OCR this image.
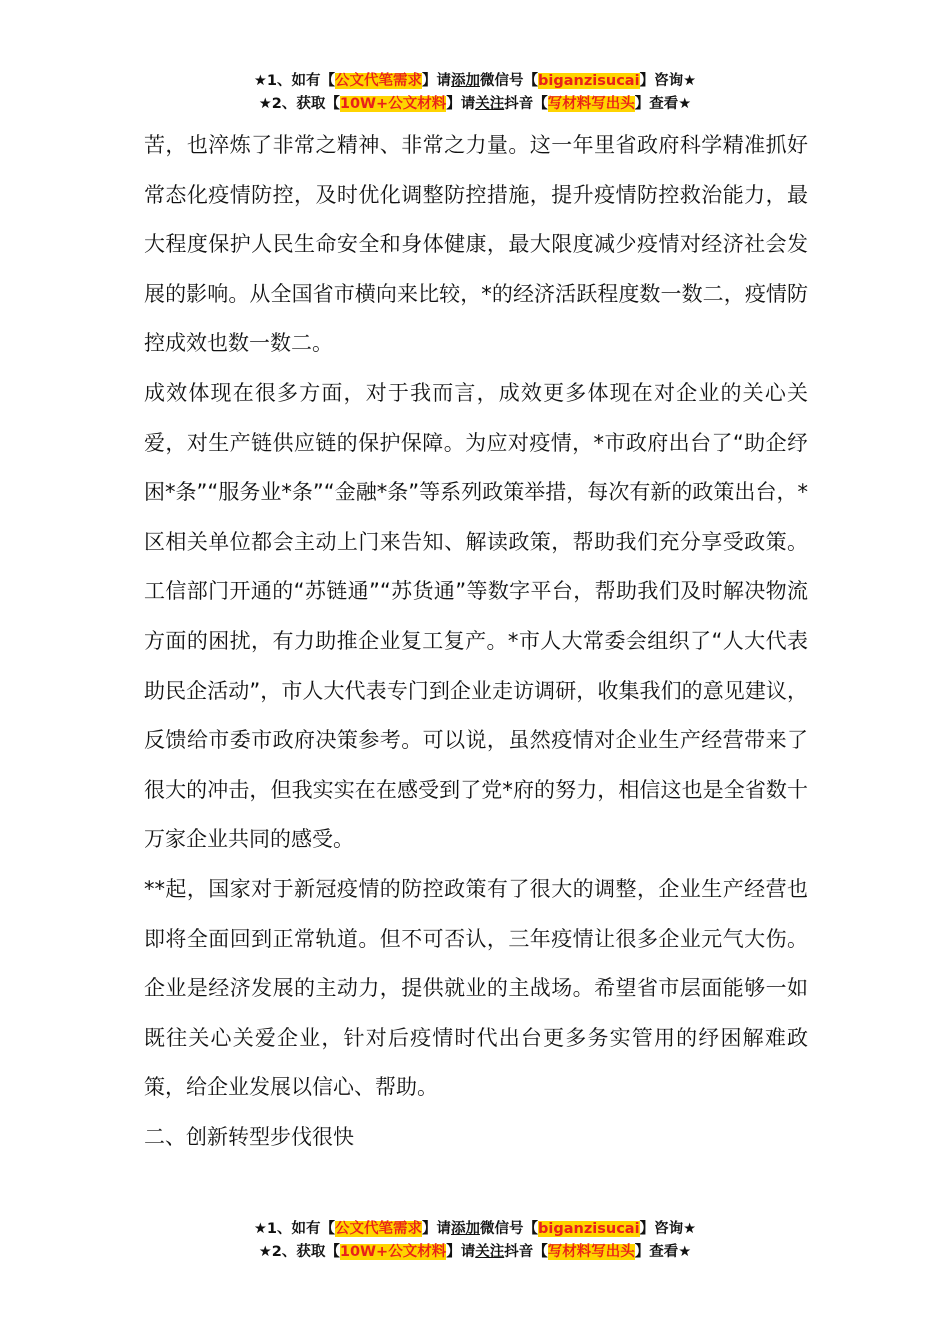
★1、如有【公文代笔需求】请添加微信号【biganzisucai】咨询★
★2、获取【10W+公文材料】请关注抖音【写材料写出头】查看★

苦，也淬炼了非常之精神、非常之力量。这一年里省政府科学精准抓好常态化疫情防控，及时优化调整防控措施，提升疫情防控救治能力，最大程度保护人民生命安全和身体健康，最大限度减少疫情对经济社会发展的影响。从全国省市横向来比较，*的经济活跃程度数一数二，疫情防控成效也数一数二。

成效体现在很多方面，对于我而言，成效更多体现在对企业的关心关爱，对生产链供应链的保护保障。为应对疫情，*市政府出台了“助企纾困*条”“服务业*条”“金融*条”等系列政策举措，每次有新的政策出台，*区相关单位都会主动上门来告知、解读政策，帮助我们充分享受政策。工信部门开通的“苏链通”“苏货通”等数字平台，帮助我们及时解决物流方面的困扰，有力助推企业复工复产。*市人大常委会组织了“人大代表助民企活动”，市人大代表专门到企业走访调研，收集我们的意见建议，反馈给市委市政府决策参考。可以说，虽然疫情对企业生产经营带来了很大的冲击，但我实实在在感受到了党*府的努力，相信这也是全省数十万家企业共同的感受。

**起，国家对于新冠疫情的防控政策有了很大的调整，企业生产经营也即将全面回到正常轨道。但不可否认，三年疫情让很多企业元气大伤。企业是经济发展的主动力，提供就业的主战场。希望省市层面能够一如既往关心关爱企业，针对后疫情时代出台更多务实管用的纾困解难政策，给企业发展以信心、帮助。

二、创新转型步伐很快

★1、如有【公文代笔需求】请添加微信号【biganzisucai】咨询★
★2、获取【10W+公文材料】请关注抖音【写材料写出头】查看★
